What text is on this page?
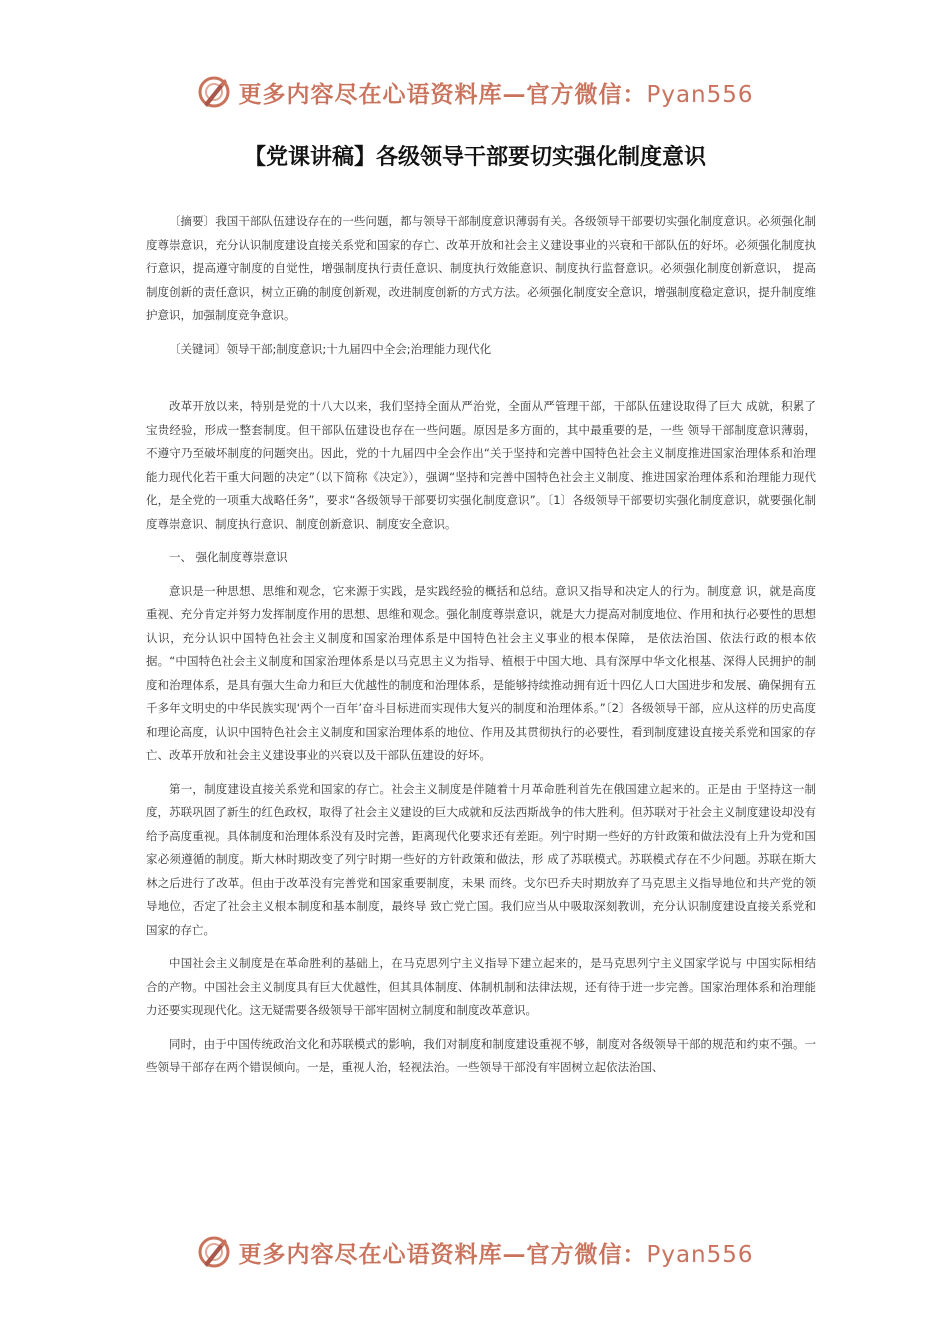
更多内容尽在心语资料库—官方微信：Pyan556
【党课讲稿】各级领导干部要切实强化制度意识

〔摘要〕我国干部队伍建设存在的一些问题，都与领导干部制度意识薄弱有关。各级领导干部要切实强化制度意识。必须强化制度尊崇意识，充分认识制度建设直接关系党和国家的存亡、改革开放和社会主义建设事业的兴衰和干部队伍的好坏。必须强化制度执行意识，提高遵守制度的自觉性，增强制度执行责任意识、制度执行效能意识、制度执行监督意识。必须强化制度创新意识， 提高制度创新的责任意识，树立正确的制度创新观，改进制度创新的方式方法。必须强化制度安全意识，增强制度稳定意识，提升制度维护意识，加强制度竞争意识。

〔关键词〕领导干部;制度意识;十九届四中全会;治理能力现代化

改革开放以来，特别是党的十八大以来，我们坚持全面从严治党，全面从严管理干部，干部队伍建设取得了巨大 成就，积累了宝贵经验，形成一整套制度。但干部队伍建设也存在一些问题。原因是多方面的，其中最重要的是，一些 领导干部制度意识薄弱，不遵守乃至破坏制度的问题突出。因此，党的十九届四中全会作出“关于坚持和完善中国特色社会主义制度推进国家治理体系和治理能力现代化若干重大问题的决定”（以下简称《决定》），强调“坚持和完善中国特色社会主义制度、推进国家治理体系和治理能力现代化，是全党的一项重大战略任务”，要求“各级领导干部要切实强化制度意识”。〔1〕各级领导干部要切实强化制度意识，就要强化制度尊崇意识、制度执行意识、制度创新意识、制度安全意识。

一、 强化制度尊崇意识

意识是一种思想、思维和观念，它来源于实践，是实践经验的概括和总结。意识又指导和决定人的行为。制度意 识，就是高度重视、充分肯定并努力发挥制度作用的思想、思维和观念。强化制度尊崇意识，就是大力提高对制度地位、作用和执行必要性的思想认识，充分认识中国特色社会主义制度和国家治理体系是中国特色社会主义事业的根本保障， 是依法治国、依法行政的根本依据。“中国特色社会主义制度和国家治理体系是以马克思主义为指导、植根于中国大地、具有深厚中华文化根基、深得人民拥护的制度和治理体系，是具有强大生命力和巨大优越性的制度和治理体系，是能够持续推动拥有近十四亿人口大国进步和发展、确保拥有五千多年文明史的中华民族实现‘两个一百年’奋斗目标进而实现伟大复兴的制度和治理体系。”〔2〕各级领导干部，应从这样的历史高度和理论高度，认识中国特色社会主义制度和国家治理体系的地位、作用及其贯彻执行的必要性，看到制度建设直接关系党和国家的存亡、改革开放和社会主义建设事业的兴衰以及干部队伍建设的好坏。

第一，制度建设直接关系党和国家的存亡。社会主义制度是伴随着十月革命胜利首先在俄国建立起来的。正是由 于坚持这一制度，苏联巩固了新生的红色政权，取得了社会主义建设的巨大成就和反法西斯战争的伟大胜利。但苏联对于社会主义制度建设却没有给予高度重视。具体制度和治理体系没有及时完善，距离现代化要求还有差距。列宁时期一些好的方针政策和做法没有上升为党和国家必须遵循的制度。斯大林时期改变了列宁时期一些好的方针政策和做法，形 成了苏联模式。苏联模式存在不少问题。苏联在斯大林之后进行了改革。但由于改革没有完善党和国家重要制度，未果 而终。戈尔巴乔夫时期放弃了马克思主义指导地位和共产党的领导地位，否定了社会主义根本制度和基本制度，最终导 致亡党亡国。我们应当从中吸取深刻教训，充分认识制度建设直接关系党和国家的存亡。

中国社会主义制度是在革命胜利的基础上，在马克思列宁主义指导下建立起来的，是马克思列宁主义国家学说与 中国实际相结合的产物。中国社会主义制度具有巨大优越性，但其具体制度、体制机制和法律法规，还有待于进一步完善。国家治理体系和治理能力还要实现现代化。这无疑需要各级领导干部牢固树立制度和制度改革意识。

同时，由于中国传统政治文化和苏联模式的影响，我们对制度和制度建设重视不够，制度对各级领导干部的规范和约束不强。一些领导干部存在两个错误倾向。一是，重视人治，轻视法治。一些领导干部没有牢固树立起依法治国、

更多内容尽在心语资料库—官方微信：Pyan556
